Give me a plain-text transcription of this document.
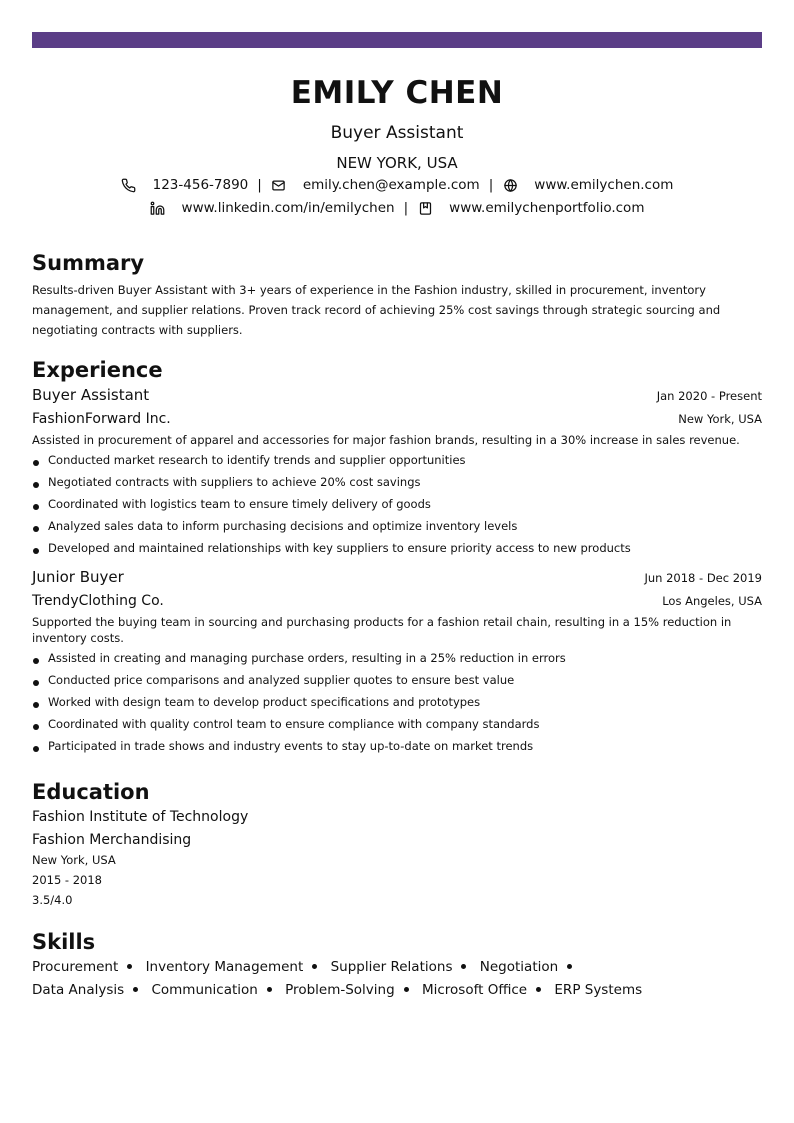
EMILY CHEN
Buyer Assistant
NEW YORK, USA
123-456-7890 |	emily.chen@example.com |	www.emilychen.com
www.linkedin.com/in/emilychen |	www.emilychenportfolio.com
Summary
Results-driven Buyer Assistant with 3+ years of experience in the Fashion industry, skilled in procurement, inventory management, and supplier relations. Proven track record of achieving 25% cost savings through strategic sourcing and negotiating contracts with suppliers.
Experience
Buyer Assistant	Jan 2020 - Present
FashionForward Inc.	New York, USA
Assisted in procurement of apparel and accessories for major fashion brands, resulting in a 30% increase in sales revenue.
Conducted market research to identify trends and supplier opportunities
Negotiated contracts with suppliers to achieve 20% cost savings
Coordinated with logistics team to ensure timely delivery of goods
Analyzed sales data to inform purchasing decisions and optimize inventory levels
Developed and maintained relationships with key suppliers to ensure priority access to new products
Junior Buyer	Jun 2018 - Dec 2019
TrendyClothing Co.	Los Angeles, USA
Supported the buying team in sourcing and purchasing products for a fashion retail chain, resulting in a 15% reduction in inventory costs.
Assisted in creating and managing purchase orders, resulting in a 25% reduction in errors
Conducted price comparisons and analyzed supplier quotes to ensure best value
Worked with design team to develop product specifications and prototypes
Coordinated with quality control team to ensure compliance with company standards
Participated in trade shows and industry events to stay up-to-date on market trends
Education
Fashion Institute of Technology
Fashion Merchandising
New York, USA
2015 - 2018
3.5/4.0
Skills
Procurement Inventory Management Supplier Relations Negotiation Data Analysis Communication Problem-Solving Microsoft Office ERP Systems
